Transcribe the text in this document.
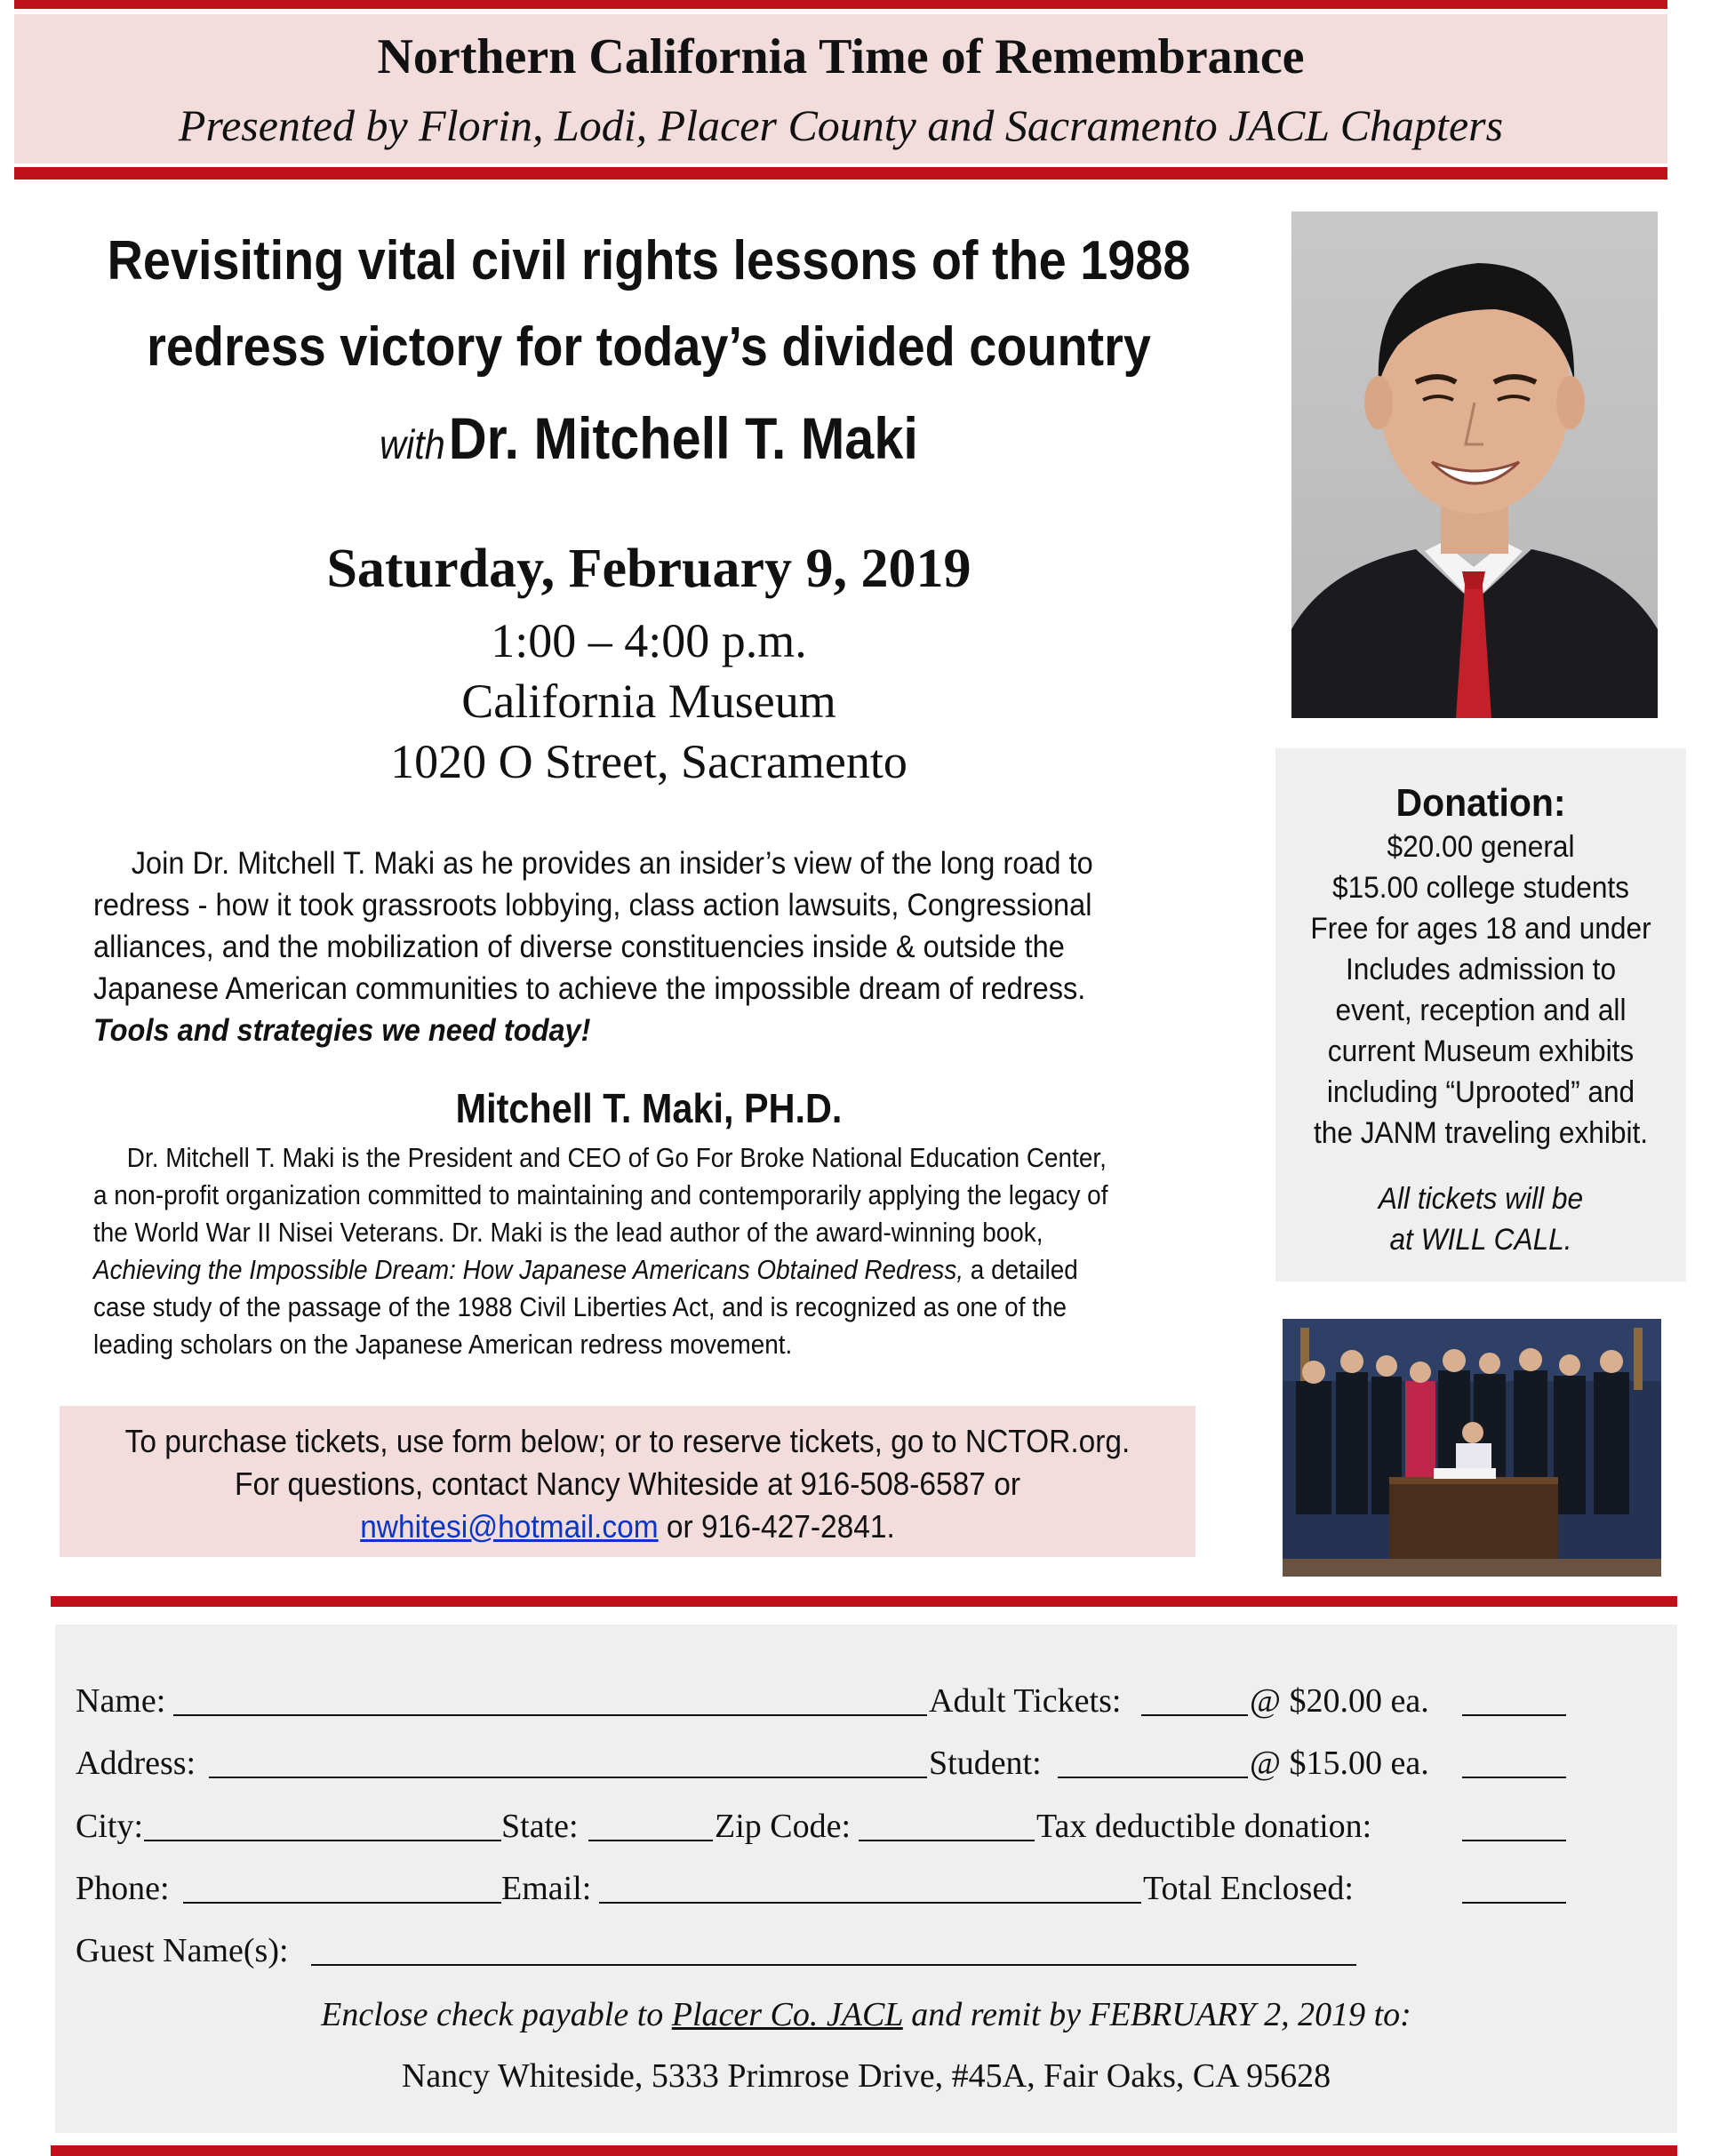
Northern California Time of Remembrance
Presented by Florin, Lodi, Placer County and Sacramento JACL Chapters
Revisiting vital civil rights lessons of the 1988
redress victory for today’s divided country
with Dr. Mitchell T. Maki
Saturday, February 9, 2019
1:00 – 4:00 p.m.
California Museum
1020 O Street, Sacramento
Join Dr. Mitchell T. Maki as he provides an insider’s view of the long road to
redress - how it took grassroots lobbying, class action lawsuits, Congressional
alliances, and the mobilization of diverse constituencies inside & outside the
Japanese American communities to achieve the impossible dream of redress.
Tools and strategies we need today!
Mitchell T. Maki, PH.D.
Dr. Mitchell T. Maki is the President and CEO of Go For Broke National Education Center,
a non-profit organization committed to maintaining and contemporarily applying the legacy of
the World War II Nisei Veterans. Dr. Maki is the lead author of the award-winning book,
Achieving the Impossible Dream: How Japanese Americans Obtained Redress, a detailed
case study of the passage of the 1988 Civil Liberties Act, and is recognized as one of the
leading scholars on the Japanese American redress movement.
To purchase tickets, use form below; or to reserve tickets, go to NCTOR.org.
For questions, contact Nancy Whiteside at 916-508-6587 or
nwhitesi@hotmail.com or 916-427-2841.
Donation:
$20.00 general
$15.00 college students
Free for ages 18 and under
Includes admission to
event, reception and all
current Museum exhibits
including “Uprooted” and
the JANM traveling exhibit.
All tickets will be
at WILL CALL.
Name:	Adult Tickets:	@ $20.00 ea.
Address:	Student:	@ $15.00 ea.
City:	State:	Zip Code:	Tax deductible donation:
Phone:	Email:	Total Enclosed:
Guest Name(s):
Enclose check payable to Placer Co. JACL and remit by FEBRUARY 2, 2019 to:
Nancy Whiteside, 5333 Primrose Drive, #45A, Fair Oaks, CA 95628
